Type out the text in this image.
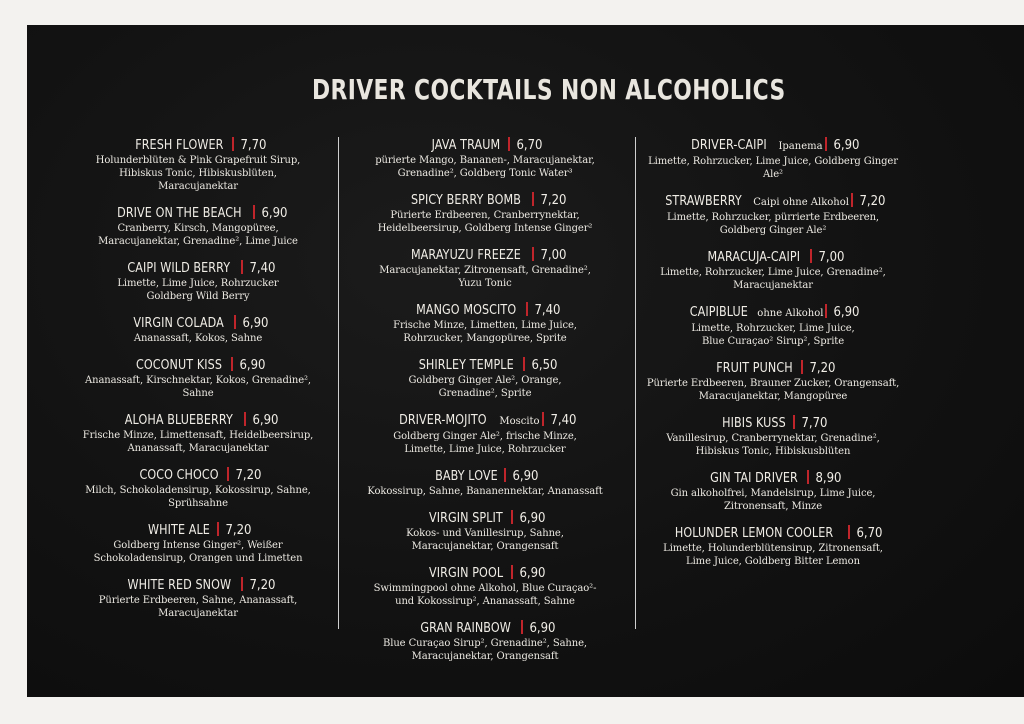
DRIVER COCKTAILS NON ALCOHOLICS
FRESH FLOWER 7,70
Holunderblüten & Pink Grapefruit Sirup,
Hibiskus Tonic, Hibiskusblüten,
Maracujanektar
DRIVE ON THE BEACH 6,90
Cranberry, Kirsch, Mangopüree,
Maracujanektar, Grenadine², Lime Juice
CAIPI WILD BERRY 7,40
Limette, Lime Juice, Rohrzucker
Goldberg Wild Berry
VIRGIN COLADA 6,90
Ananassaft, Kokos, Sahne
COCONUT KISS 6,90
Ananassaft, Kirschnektar, Kokos, Grenadine²,
Sahne
ALOHA BLUEBERRY 6,90
Frische Minze, Limettensaft, Heidelbeersirup,
Ananassaft, Maracujanektar
COCO CHOCO 7,20
Milch, Schokoladensirup, Kokossirup, Sahne,
Sprühsahne
WHITE ALE 7,20
Goldberg Intense Ginger², Weißer
Schokoladensirup, Orangen und Limetten
WHITE RED SNOW 7,20
Pürierte Erdbeeren, Sahne, Ananassaft,
Maracujanektar
JAVA TRAUM 6,70
pürierte Mango, Bananen-, Maracujanektar,
Grenadine², Goldberg Tonic Water³
SPICY BERRY BOMB 7,20
Pürierte Erdbeeren, Cranberrynektar,
Heidelbeersirup, Goldberg Intense Ginger²
MARAYUZU FREEZE 7,00
Maracujanektar, Zitronensaft, Grenadine²,
Yuzu Tonic
MANGO MOSCITO 7,40
Frische Minze, Limetten, Lime Juice,
Rohrzucker, Mangopüree, Sprite
SHIRLEY TEMPLE 6,50
Goldberg Ginger Ale², Orange,
Grenadine², Sprite
DRIVER-MOJITO Moscito 7,40
Goldberg Ginger Ale², frische Minze,
Limette, Lime Juice, Rohrzucker
BABY LOVE 6,90
Kokossirup, Sahne, Bananennektar, Ananassaft
VIRGIN SPLIT 6,90
Kokos- und Vanillesirup, Sahne,
Maracujanektar, Orangensaft
VIRGIN POOL 6,90
Swimmingpool ohne Alkohol, Blue Curaçao²-
und Kokossirup², Ananassaft, Sahne
GRAN RAINBOW 6,90
Blue Curaçao Sirup², Grenadine², Sahne,
Maracujanektar, Orangensaft
DRIVER-CAIPI Ipanema 6,90
Limette, Rohrzucker, Lime Juice, Goldberg Ginger Ale²
STRAWBERRY Caipi ohne Alkohol 7,20
Limette, Rohrzucker, pürrierte Erdbeeren,
Goldberg Ginger Ale²
MARACUJA-CAIPI 7,00
Limette, Rohrzucker, Lime Juice, Grenadine²,
Maracujanektar
CAIPIBLUE ohne Alkohol 6,90
Limette, Rohrzucker, Lime Juice,
Blue Curaçao² Sirup², Sprite
FRUIT PUNCH 7,20
Pürierte Erdbeeren, Brauner Zucker, Orangensaft,
Maracujanektar, Mangopüree
HIBIS KUSS 7,70
Vanillesirup, Cranberrynektar, Grenadine²,
Hibiskus Tonic, Hibiskusblüten
GIN TAI DRIVER 8,90
Gin alkoholfrei, Mandelsirup, Lime Juice,
Zitronensaft, Minze
HOLUNDER LEMON COOLER 6,70
Limette, Holunderblütensirup, Zitronensaft,
Lime Juice, Goldberg Bitter Lemon
